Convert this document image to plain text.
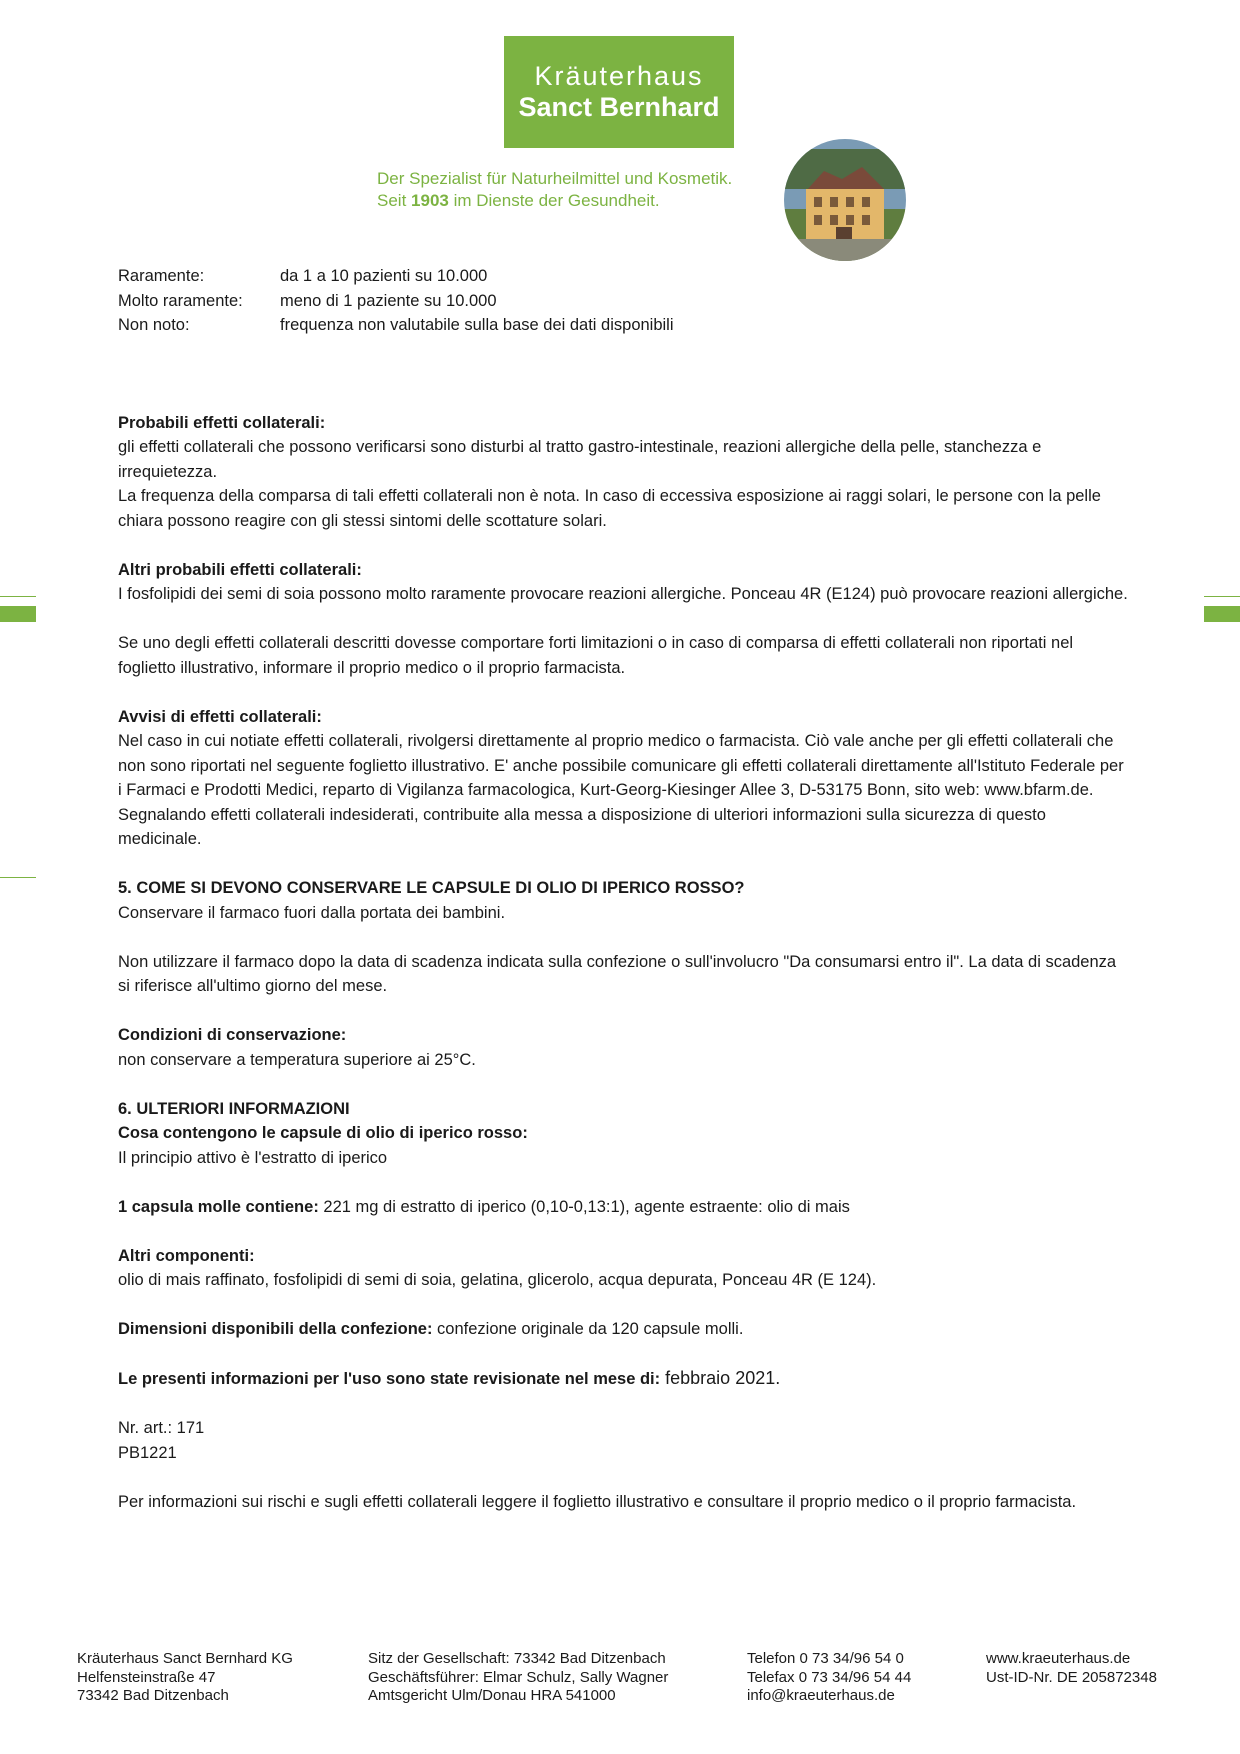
Kräuterhaus
Sanct Bernhard
Der Spezialist für Naturheilmittel und Kosmetik.
Seit 1903 im Dienste der Gesundheit.
Raramente:	da 1 a 10 pazienti su 10.000
Molto raramente:	meno di 1 paziente su 10.000
Non noto:	frequenza non valutabile sulla base dei dati disponibili

Probabili effetti collaterali:

gli effetti collaterali che possono verificarsi sono disturbi al tratto gastro-intestinale, reazioni allergiche della pelle, stanchezza e irrequietezza.

La frequenza della comparsa di tali effetti collaterali non è nota. In caso di eccessiva esposizione ai raggi solari, le persone con la pelle chiara possono reagire con gli stessi sintomi delle scottature solari.

Altri probabili effetti collaterali:

I fosfolipidi dei semi di soia possono molto raramente provocare reazioni allergiche. Ponceau 4R (E124) può provocare reazioni allergiche.

Se uno degli effetti collaterali descritti dovesse comportare forti limitazioni o in caso di comparsa di effetti collaterali non riportati nel foglietto illustrativo, informare il proprio medico o il proprio farmacista.

Avvisi di effetti collaterali:

Nel caso in cui notiate effetti collaterali, rivolgersi direttamente al proprio medico o farmacista. Ciò vale anche per gli effetti collaterali che non sono riportati nel seguente foglietto illustrativo. E' anche possibile comunicare gli effetti collaterali direttamente all'Istituto Federale per i Farmaci e Prodotti Medici, reparto di Vigilanza farmacologica, Kurt-Georg-Kiesinger Allee 3, D-53175 Bonn, sito web: www.bfarm.de.

Segnalando effetti collaterali indesiderati, contribuite alla messa a disposizione di ulteriori informazioni sulla sicurezza di questo medicinale.

5. COME SI DEVONO CONSERVARE LE CAPSULE DI OLIO DI IPERICO ROSSO?

Conservare il farmaco fuori dalla portata dei bambini.

Non utilizzare il farmaco dopo la data di scadenza indicata sulla confezione o sull'involucro "Da consumarsi entro il". La data di scadenza si riferisce all'ultimo giorno del mese.

Condizioni di conservazione:

non conservare a temperatura superiore ai 25°C.

6. ULTERIORI INFORMAZIONI

Cosa contengono le capsule di olio di iperico rosso:

Il principio attivo è l'estratto di iperico

1 capsula molle contiene: 221 mg di estratto di iperico (0,10-0,13:1), agente estraente: olio di mais

Altri componenti:

olio di mais raffinato, fosfolipidi di semi di soia, gelatina, glicerolo, acqua depurata, Ponceau 4R (E 124).

Dimensioni disponibili della confezione: confezione originale da 120 capsule molli.

Le presenti informazioni per l'uso sono state revisionate nel mese di: febbraio 2021.

Nr. art.: 171

PB1221

Per informazioni sui rischi e sugli effetti collaterali leggere il foglietto illustrativo e consultare il proprio medico o il proprio farmacista.

Kräuterhaus Sanct Bernhard KG
Helfensteinstraße 47
73342 Bad Ditzenbach
Sitz der Gesellschaft: 73342 Bad Ditzenbach
Geschäftsführer: Elmar Schulz, Sally Wagner
Amtsgericht Ulm/Donau HRA 541000
Telefon 0 73 34/96 54 0
Telefax 0 73 34/96 54 44
info@kraeuterhaus.de
www.kraeuterhaus.de
Ust-ID-Nr. DE 205872348
